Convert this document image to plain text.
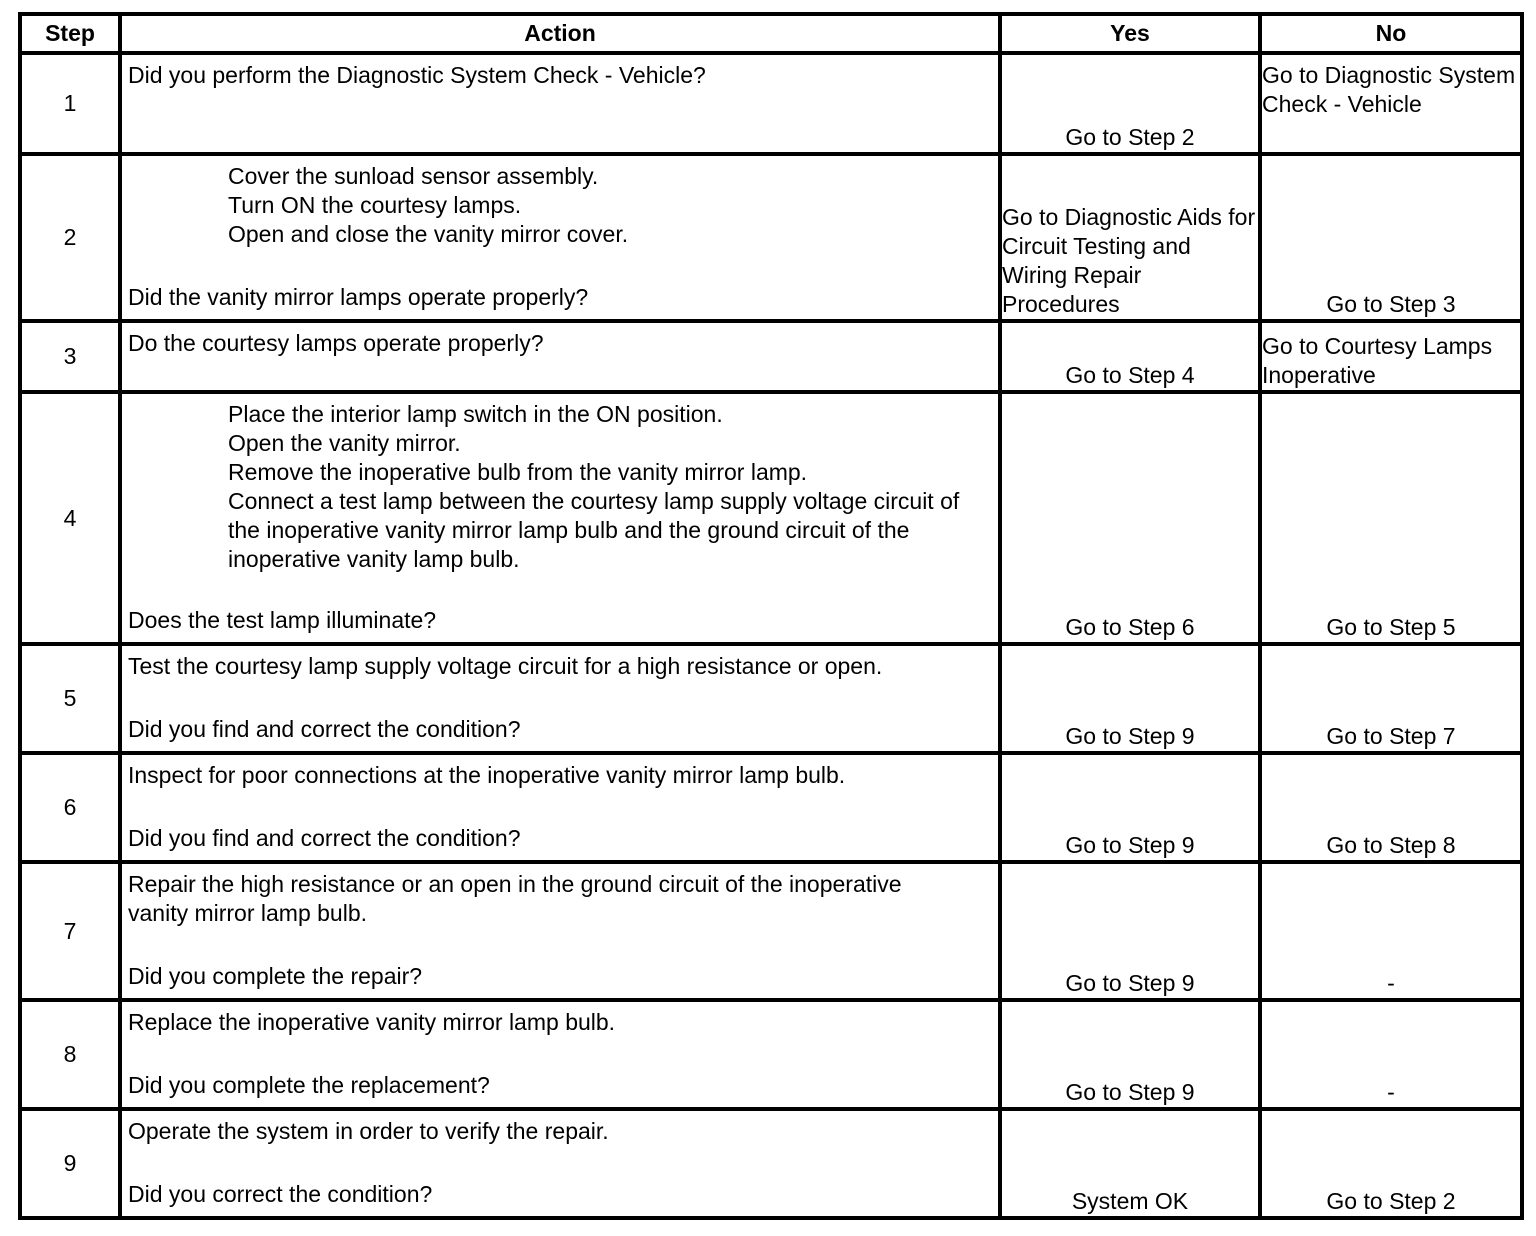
Step	Action	Yes	No
1	Did you perform the Diagnostic System Check - Vehicle?	Go to Step 2	Go to Diagnostic System Check - Vehicle
2	Cover the sunload sensor assembly.
Turn ON the courtesy lamps.
Open and close the vanity mirror cover.
Did the vanity mirror lamps operate properly?	Go to Diagnostic Aids for Circuit Testing and Wiring Repair Procedures	Go to Step 3
3	Do the courtesy lamps operate properly?	Go to Step 4	Go to Courtesy Lamps Inoperative
4	Place the interior lamp switch in the ON position.
Open the vanity mirror.
Remove the inoperative bulb from the vanity mirror lamp.
Connect a test lamp between the courtesy lamp supply voltage circuit of the inoperative vanity mirror lamp bulb and the ground circuit of the inoperative vanity lamp bulb.
Does the test lamp illuminate?	Go to Step 6	Go to Step 5
5	Test the courtesy lamp supply voltage circuit for a high resistance or open.
Did you find and correct the condition?	Go to Step 9	Go to Step 7
6	Inspect for poor connections at the inoperative vanity mirror lamp bulb.
Did you find and correct the condition?	Go to Step 9	Go to Step 8
7	Repair the high resistance or an open in the ground circuit of the inoperative vanity mirror lamp bulb.
Did you complete the repair?	Go to Step 9	-
8	Replace the inoperative vanity mirror lamp bulb.
Did you complete the replacement?	Go to Step 9	-
9	Operate the system in order to verify the repair.
Did you correct the condition?	System OK	Go to Step 2
